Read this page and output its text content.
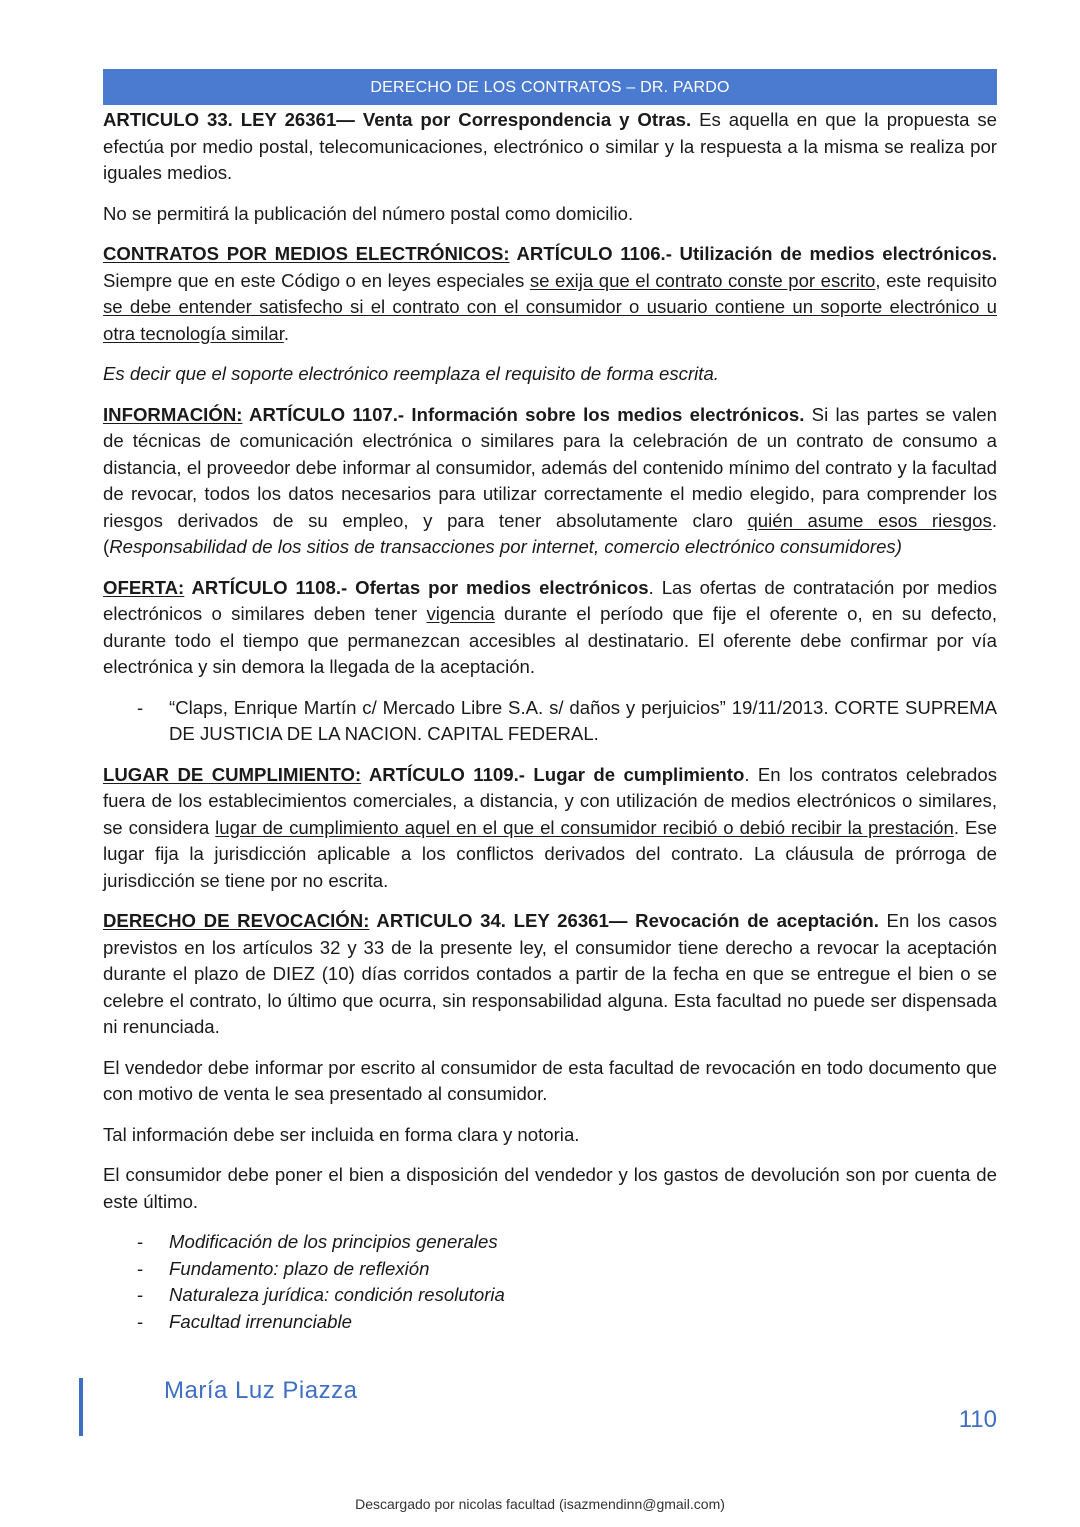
DERECHO DE LOS CONTRATOS – DR. PARDO

ARTICULO 33. LEY 26361— Venta por Correspondencia y Otras. Es aquella en que la propuesta se efectúa por medio postal, telecomunicaciones, electrónico o similar y la respuesta a la misma se realiza por iguales medios.

No se permitirá la publicación del número postal como domicilio.

CONTRATOS POR MEDIOS ELECTRÓNICOS: ARTÍCULO 1106.- Utilización de medios electrónicos. Siempre que en este Código o en leyes especiales se exija que el contrato conste por escrito, este requisito se debe entender satisfecho si el contrato con el consumidor o usuario contiene un soporte electrónico u otra tecnología similar.

Es decir que el soporte electrónico reemplaza el requisito de forma escrita.

INFORMACIÓN: ARTÍCULO 1107.- Información sobre los medios electrónicos. Si las partes se valen de técnicas de comunicación electrónica o similares para la celebración de un contrato de consumo a distancia, el proveedor debe informar al consumidor, además del contenido mínimo del contrato y la facultad de revocar, todos los datos necesarios para utilizar correctamente el medio elegido, para comprender los riesgos derivados de su empleo, y para tener absolutamente claro quién asume esos riesgos. (Responsabilidad de los sitios de transacciones por internet, comercio electrónico consumidores)

OFERTA: ARTÍCULO 1108.- Ofertas por medios electrónicos. Las ofertas de contratación por medios electrónicos o similares deben tener vigencia durante el período que fije el oferente o, en su defecto, durante todo el tiempo que permanezcan accesibles al destinatario. El oferente debe confirmar por vía electrónica y sin demora la llegada de la aceptación.

- “Claps, Enrique Martín c/ Mercado Libre S.A. s/ daños y perjuicios” 19/11/2013. CORTE SUPREMA DE JUSTICIA DE LA NACION. CAPITAL FEDERAL.

LUGAR DE CUMPLIMIENTO: ARTÍCULO 1109.- Lugar de cumplimiento. En los contratos celebrados fuera de los establecimientos comerciales, a distancia, y con utilización de medios electrónicos o similares, se considera lugar de cumplimiento aquel en el que el consumidor recibió o debió recibir la prestación. Ese lugar fija la jurisdicción aplicable a los conflictos derivados del contrato. La cláusula de prórroga de jurisdicción se tiene por no escrita.

DERECHO DE REVOCACIÓN: ARTICULO 34. LEY 26361— Revocación de aceptación. En los casos previstos en los artículos 32 y 33 de la presente ley, el consumidor tiene derecho a revocar la aceptación durante el plazo de DIEZ (10) días corridos contados a partir de la fecha en que se entregue el bien o se celebre el contrato, lo último que ocurra, sin responsabilidad alguna. Esta facultad no puede ser dispensada ni renunciada.

El vendedor debe informar por escrito al consumidor de esta facultad de revocación en todo documento que con motivo de venta le sea presentado al consumidor.

Tal información debe ser incluida en forma clara y notoria.

El consumidor debe poner el bien a disposición del vendedor y los gastos de devolución son por cuenta de este último.

- Modificación de los principios generales
- Fundamento: plazo de reflexión
- Naturaleza jurídica: condición resolutoria
- Facultad irrenunciable
María Luz Piazza
110
Descargado por nicolas facultad (isazmendinn@gmail.com)
